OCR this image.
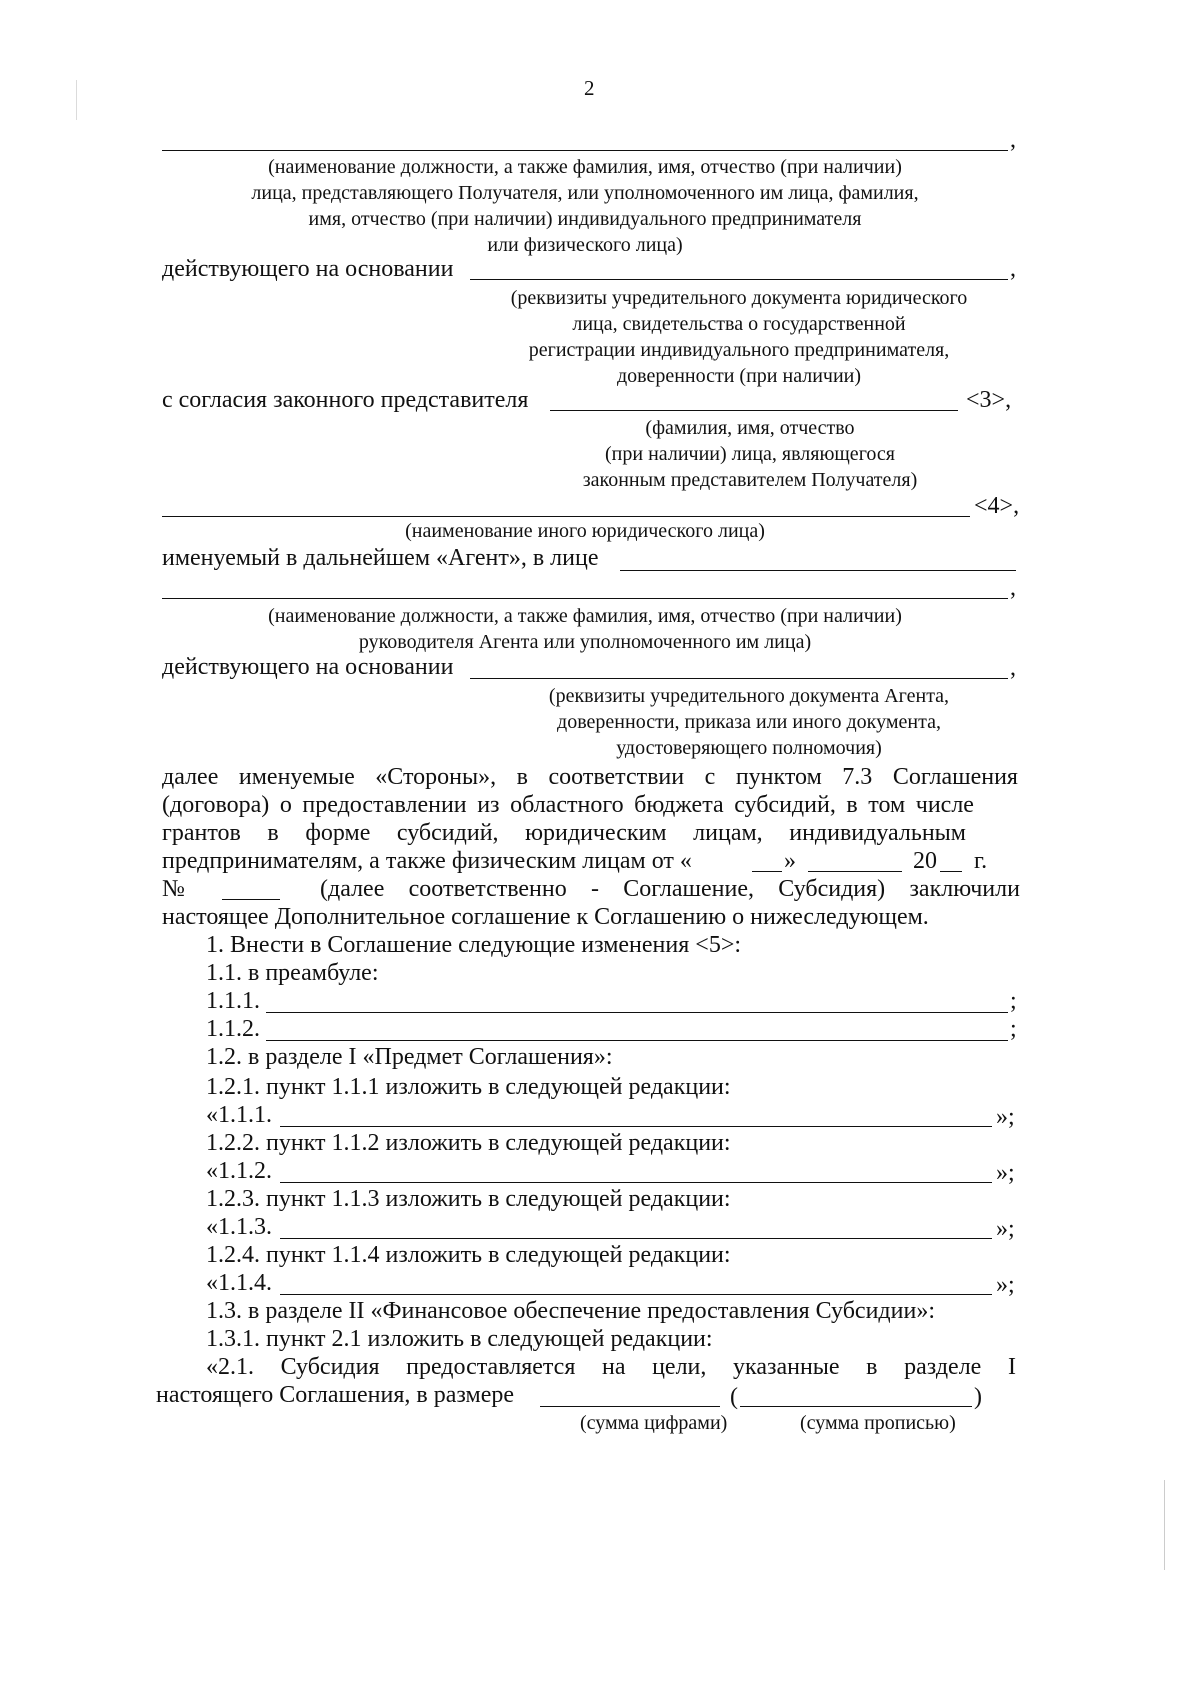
2
,
(наименование должности, а также фамилия, имя, отчество (при наличии)
лица, представляющего Получателя, или уполномоченного им лица, фамилия,
имя, отчество (при наличии) индивидуального предпринимателя
или физического лица)
действующего на основании	,
(реквизиты учредительного документа юридического
лица, свидетельства о государственной
регистрации индивидуального предпринимателя,
доверенности (при наличии)
с согласия законного представителя	<3>,
(фамилия, имя, отчество
(при наличии) лица, являющегося
законным представителем Получателя)
<4>,
(наименование иного юридического лица)
именуемый в дальнейшем «Агент», в лице
,
(наименование должности, а также фамилия, имя, отчество (при наличии)
руководителя Агента или уполномоченного им лица)
действующего на основании	,
(реквизиты учредительного документа Агента,
доверенности, приказа или иного документа,
удостоверяющего полномочия)
далее именуемые «Стороны», в соответствии с пунктом 7.3 Соглашения
(договора) о предоставлении из областного бюджета субсидий, в том числе
грантов в форме субсидий, юридическим лицам, индивидуальным
предпринимателям, а также физическим лицам от «	»	20 г.
№	(далее соответственно - Соглашение, Субсидия) заключили
настоящее Дополнительное соглашение к Соглашению о нижеследующем.
1. Внести в Соглашение следующие изменения <5>:
1.1. в преамбуле:
1.1.1.	;
1.1.2.	;
1.2. в разделе I «Предмет Соглашения»:
1.2.1. пункт 1.1.1 изложить в следующей редакции:
«1.1.1.	»;
1.2.2. пункт 1.1.2 изложить в следующей редакции:
«1.1.2.	»;
1.2.3. пункт 1.1.3 изложить в следующей редакции:
«1.1.3.	»;
1.2.4. пункт 1.1.4 изложить в следующей редакции:
«1.1.4.	»;
1.3. в разделе II «Финансовое обеспечение предоставления Субсидии»:
1.3.1. пункт 2.1 изложить в следующей редакции:
«2.1. Субсидия предоставляется на цели, указанные в разделе I
настоящего Соглашения, в размере	(	)
(сумма цифрами)	(сумма прописью)
